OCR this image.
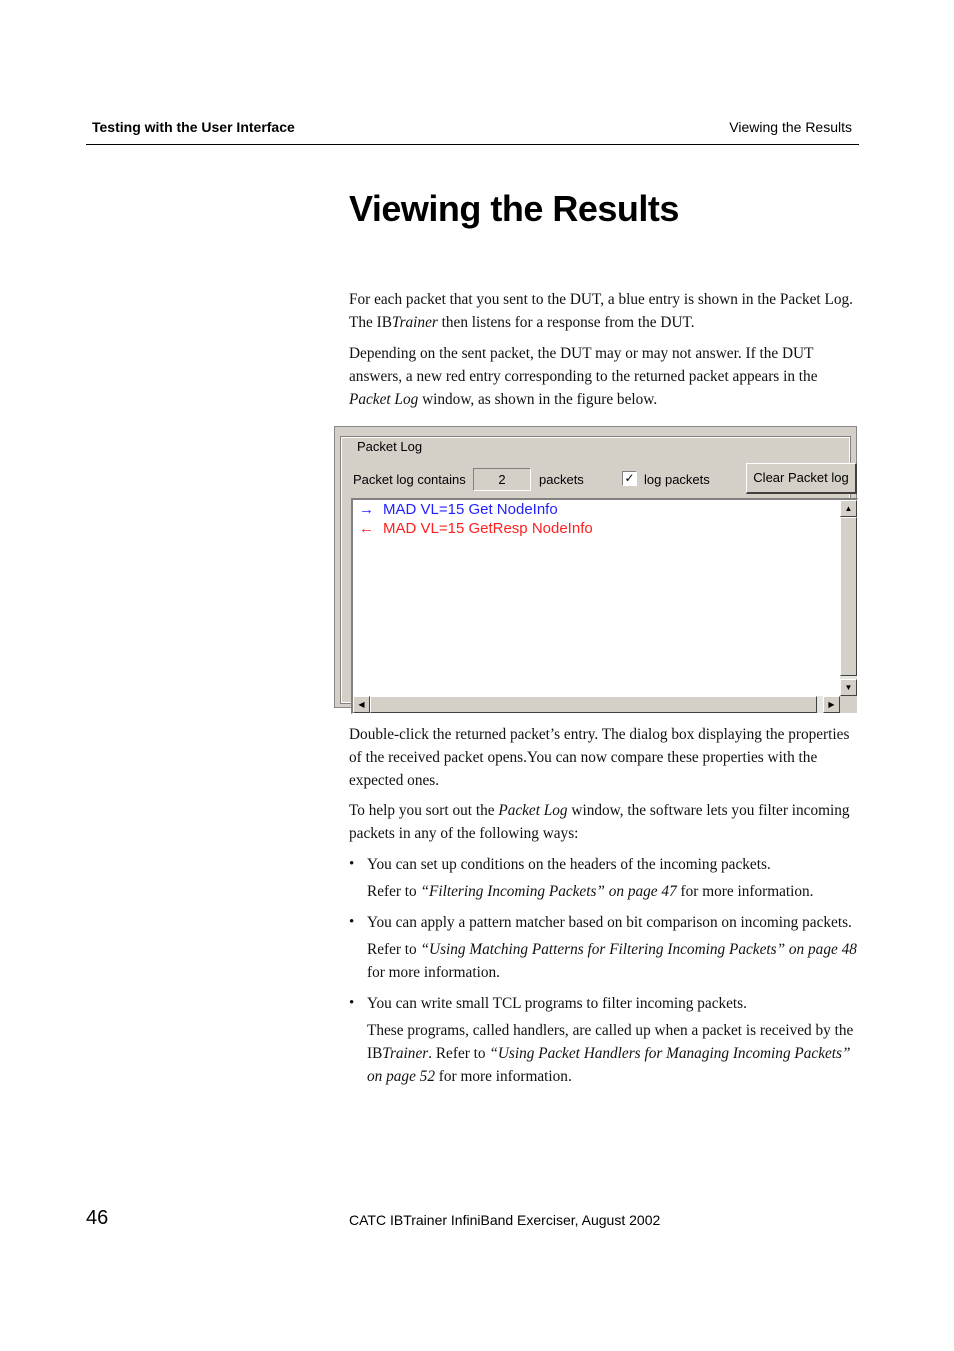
Testing with the User Interface	Viewing the Results
Viewing the Results

For each packet that you sent to the DUT, a blue entry is shown in the Packet Log. The IBTrainer then listens for a response from the DUT.

Depending on the sent packet, the DUT may or may not answer. If the DUT answers, a new red entry corresponding to the returned packet appears in the Packet Log window, as shown in the figure below.

Packet Log
Packet log contains	2	packets	✓ log packets	Clear Packet log
→ MAD VL=15 Get NodeInfo
← MAD VL=15 GetResp NodeInfo
▲
▼
◀	▶

Double-click the returned packet’s entry. The dialog box displaying the properties of the received packet opens.You can now compare these properties with the expected ones.

To help you sort out the Packet Log window, the software lets you filter incoming packets in any of the following ways:

• You can set up conditions on the headers of the incoming packets.

Refer to “Filtering Incoming Packets” on page 47 for more information.

• You can apply a pattern matcher based on bit comparison on incoming packets.

Refer to “Using Matching Patterns for Filtering Incoming Packets” on page 48 for more information.

• You can write small TCL programs to filter incoming packets.

These programs, called handlers, are called up when a packet is received by the IBTrainer. Refer to “Using Packet Handlers for Managing Incoming Packets” on page 52 for more information.

46	CATC IBTrainer InfiniBand Exerciser, August 2002
